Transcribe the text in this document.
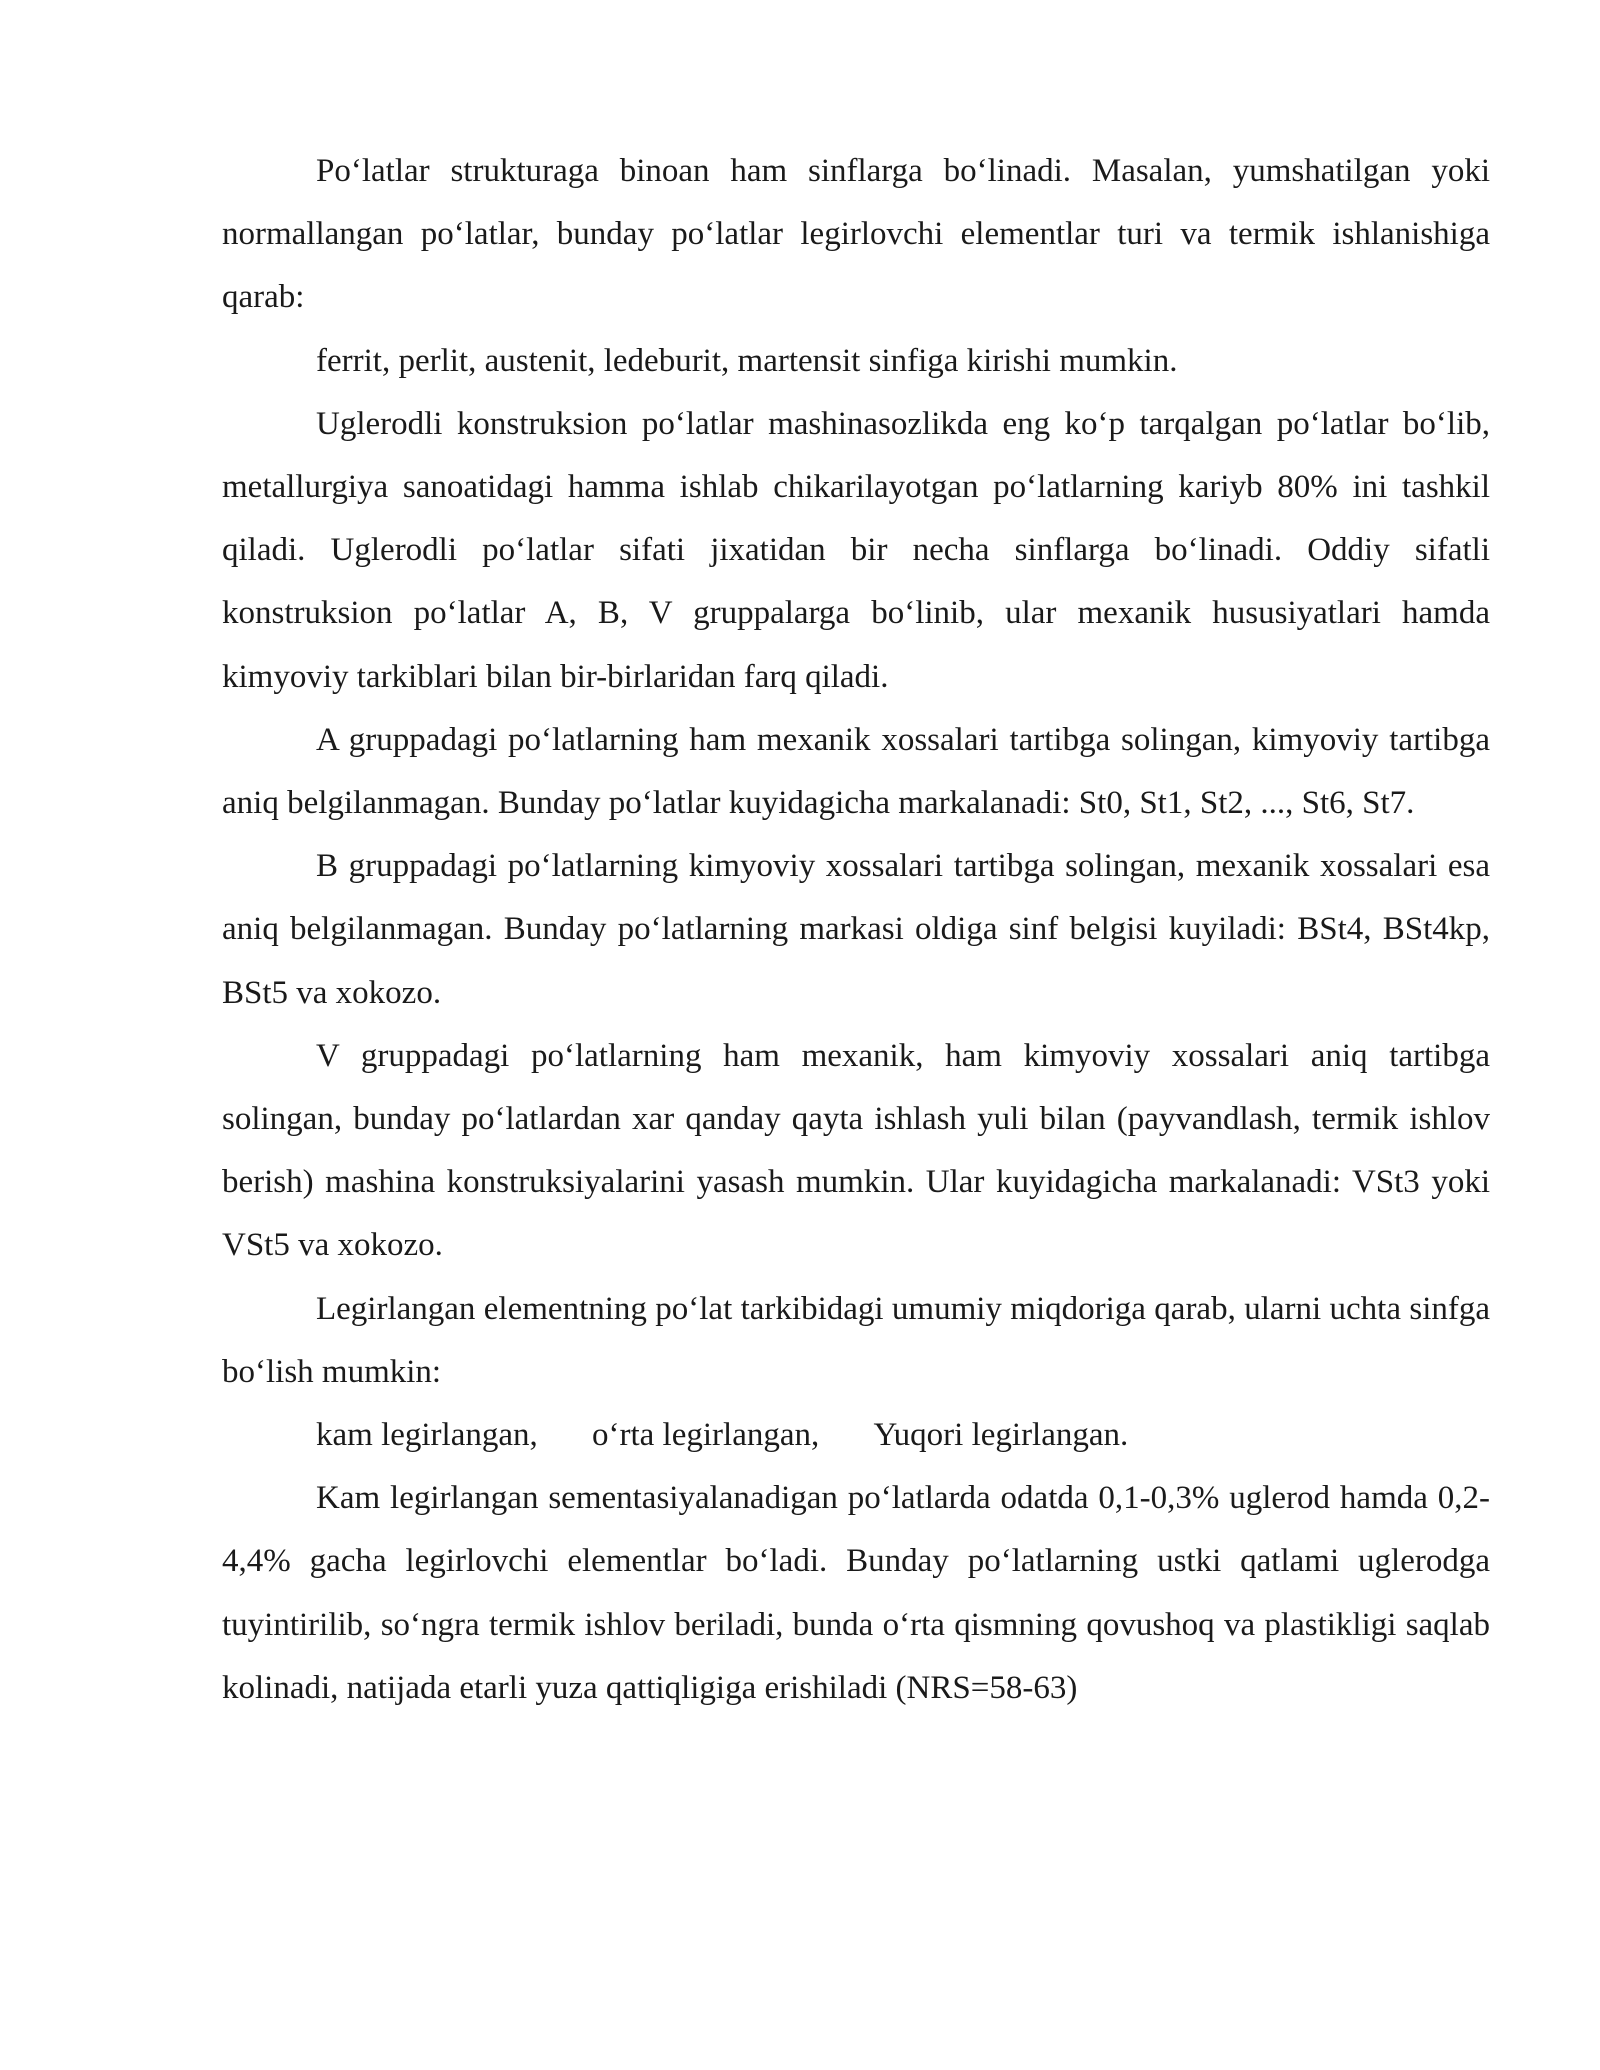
Po‘latlar strukturaga binoan ham sinflarga bo‘linadi. Masalan, yumshatilgan yoki normallangan po‘latlar, bunday po‘latlar legirlovchi elementlar turi va termik ishlanishiga qarab:

ferrit, perlit, austenit, ledeburit, martensit sinfiga kirishi mumkin.

Uglerodli konstruksion po‘latlar mashinasozlikda eng ko‘p tarqalgan po‘latlar bo‘lib, metallurgiya sanoatidagi hamma ishlab chikarilayotgan po‘latlarning kariyb 80% ini tashkil qiladi. Uglerodli po‘latlar sifati jixatidan bir necha sinflarga bo‘linadi. Oddiy sifatli konstruksion po‘latlar A, B, V gruppalarga bo‘linib, ular mexanik hususiyatlari hamda kimyoviy tarkiblari bilan bir-birlaridan farq qiladi.

A gruppadagi po‘latlarning ham mexanik xossalari tartibga solingan, kimyoviy tartibga aniq belgilanmagan. Bunday po‘latlar kuyidagicha markalanadi: St0, St1, St2, ..., St6, St7.

B gruppadagi po‘latlarning kimyoviy xossalari tartibga solingan, mexanik xossalari esa aniq belgilanmagan. Bunday po‘latlarning markasi oldiga sinf belgisi kuyiladi: BSt4, BSt4kp, BSt5 va xokozo.

V gruppadagi po‘latlarning ham mexanik, ham kimyoviy xossalari aniq tartibga solingan, bunday po‘latlardan xar qanday qayta ishlash yuli bilan (payvandlash, termik ishlov berish) mashina konstruksiyalarini yasash mumkin. Ular kuyidagicha markalanadi: VSt3 yoki VSt5 va xokozo.

Legirlangan elementning po‘lat tarkibidagi umumiy miqdoriga qarab, ularni uchta sinfga bo‘lish mumkin:

kam legirlangan, o‘rta legirlangan, Yuqori legirlangan.

Kam legirlangan sementasiyalanadigan po‘latlarda odatda 0,1-0,3% uglerod hamda 0,2-4,4% gacha legirlovchi elementlar bo‘ladi. Bunday po‘latlarning ustki qatlami uglerodga tuyintirilib, so‘ngra termik ishlov beriladi, bunda o‘rta qismning qovushoq va plastikligi saqlab kolinadi, natijada etarli yuza qattiqligiga erishiladi (NRS=58-63)
